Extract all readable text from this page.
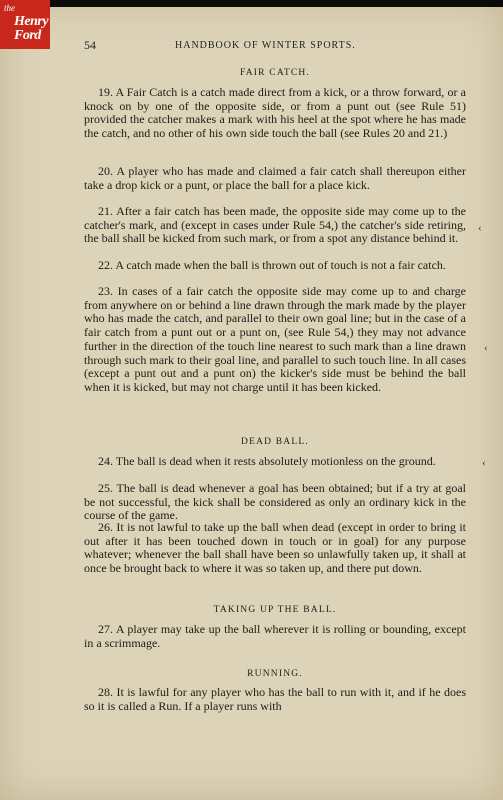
the
Henry
Ford
54	HANDBOOK OF WINTER SPORTS.
FAIR CATCH.
19. A Fair Catch is a catch made direct from a kick, or a throw forward, or a knock on by one of the opposite side, or from a punt out (see Rule 51) provided the catcher makes a mark with his heel at the spot where he has made the catch, and no other of his own side touch the ball (see Rules 20 and 21.)
20. A player who has made and claimed a fair catch shall thereupon either take a drop kick or a punt, or place the ball for a place kick.
21. After a fair catch has been made, the opposite side may come up to the catcher's mark, and (except in cases under Rule 54,) the catcher's side retiring, the ball shall be kicked from such mark, or from a spot any distance behind it.
22. A catch made when the ball is thrown out of touch is not a fair catch.
23. In cases of a fair catch the opposite side may come up to and charge from anywhere on or behind a line drawn through the mark made by the player who has made the catch, and parallel to their own goal line; but in the case of a fair catch from a punt out or a punt on, (see Rule 54,) they may not advance further in the direction of the touch line nearest to such mark than a line drawn through such mark to their goal line, and parallel to such touch line. In all cases (except a punt out and a punt on) the kicker's side must be behind the ball when it is kicked, but may not charge until it has been kicked.
DEAD BALL.
24. The ball is dead when it rests absolutely motionless on the ground.
25. The ball is dead whenever a goal has been obtained; but if a try at goal be not successful, the kick shall be considered as only an ordinary kick in the course of the game.
26. It is not lawful to take up the ball when dead (except in order to bring it out after it has been touched down in touch or in goal) for any purpose whatever; whenever the ball shall have been so unlawfully taken up, it shall at once be brought back to where it was so taken up, and there put down.
TAKING UP THE BALL.
27. A player may take up the ball wherever it is rolling or bounding, except in a scrimmage.
RUNNING.
28. It is lawful for any player who has the ball to run with it, and if he does so it is called a Run. If a player runs with
‹
‹
‹
